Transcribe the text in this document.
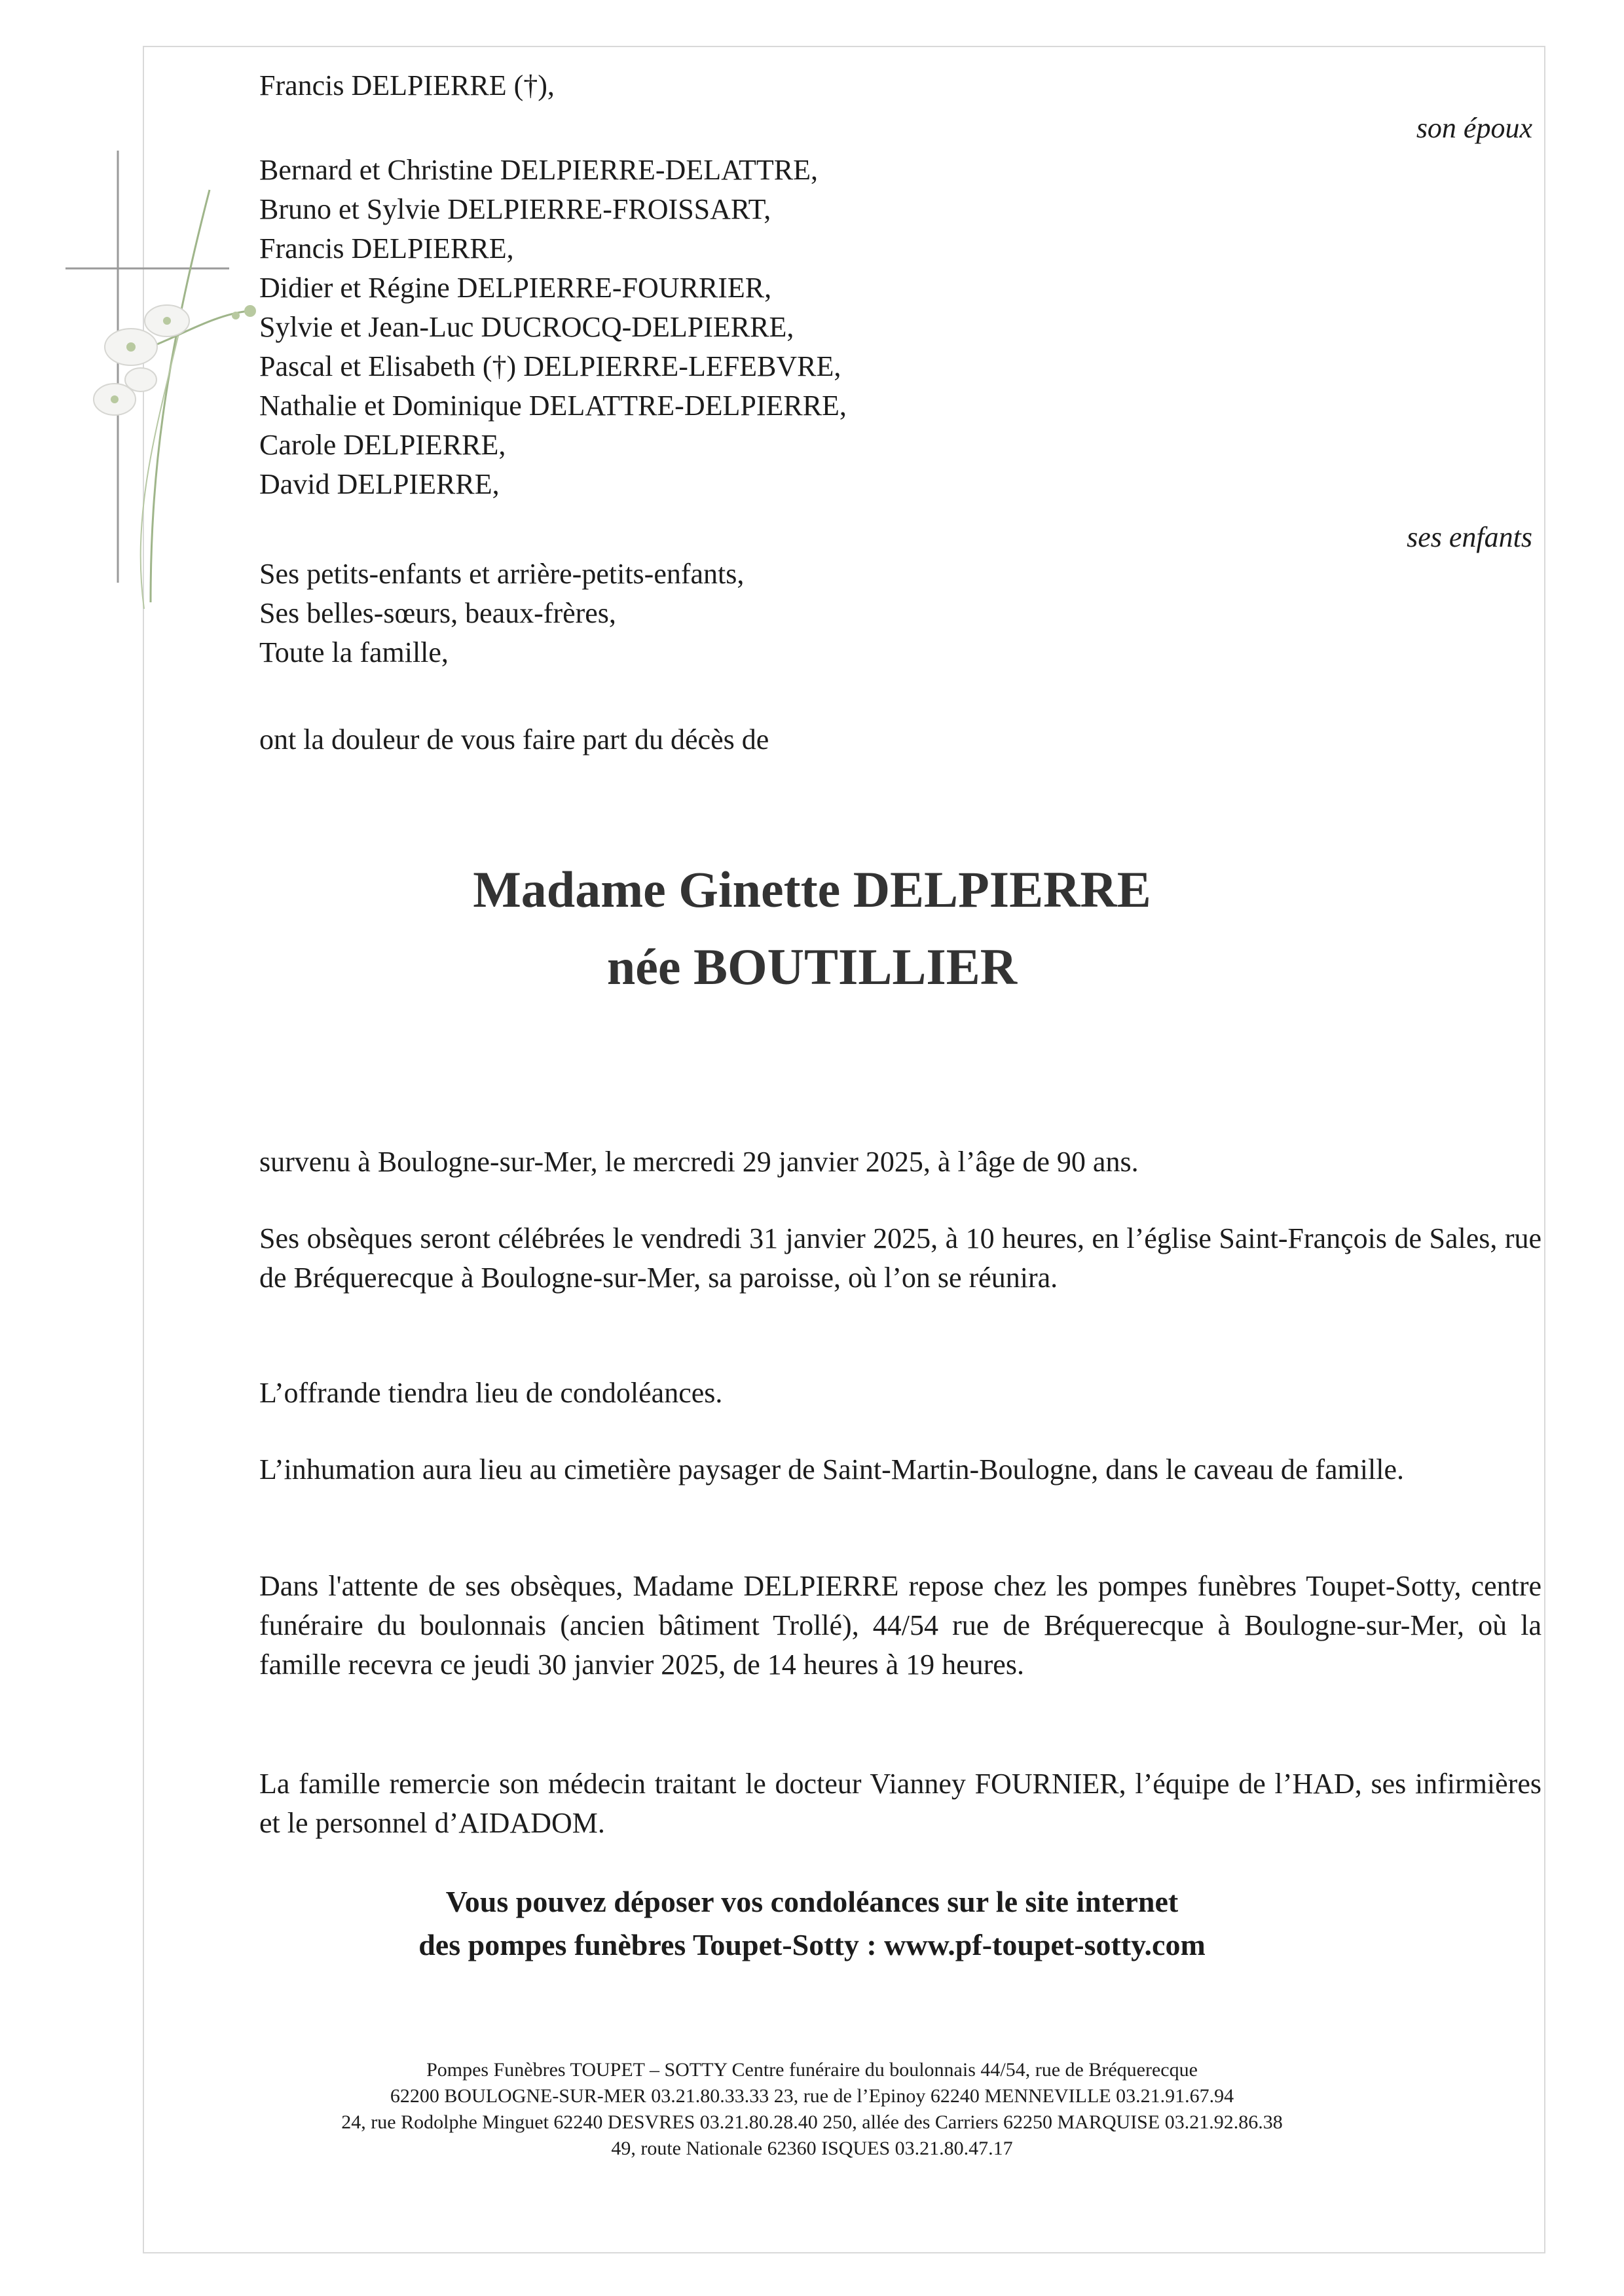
Francis DELPIERRE (†),
son époux
Bernard et Christine DELPIERRE-DELATTRE,
Bruno et Sylvie DELPIERRE-FROISSART,
Francis DELPIERRE,
Didier et Régine DELPIERRE-FOURRIER,
Sylvie et Jean-Luc DUCROCQ-DELPIERRE,
Pascal et Elisabeth (†) DELPIERRE-LEFEBVRE,
Nathalie et Dominique DELATTRE-DELPIERRE,
Carole DELPIERRE,
David DELPIERRE,
ses enfants
Ses petits-enfants et arrière-petits-enfants,
Ses belles-sœurs, beaux-frères,
Toute la famille,
ont la douleur de vous faire part du décès de
Madame Ginette DELPIERRE
née BOUTILLIER
survenu à Boulogne-sur-Mer, le mercredi 29 janvier 2025, à l’âge de 90 ans.
Ses obsèques seront célébrées le vendredi 31 janvier 2025, à 10 heures, en l’église Saint-François de Sales, rue de Bréquerecque à Boulogne-sur-Mer, sa paroisse, où l’on se réunira.
L’offrande tiendra lieu de condoléances.
L’inhumation aura lieu au cimetière paysager de Saint-Martin-Boulogne, dans le caveau de famille.
Dans l'attente de ses obsèques, Madame DELPIERRE repose chez les pompes funèbres Toupet-Sotty, centre funéraire du boulonnais (ancien bâtiment Trollé), 44/54 rue de Bréquerecque à Boulogne-sur-Mer, où la famille recevra ce jeudi 30 janvier 2025, de 14 heures à 19 heures.
La famille remercie son médecin traitant le docteur Vianney FOURNIER, l’équipe de l’HAD, ses infirmières et le personnel d’AIDADOM.
Vous pouvez déposer vos condoléances sur le site internet
des pompes funèbres Toupet-Sotty : www.pf-toupet-sotty.com
Pompes Funèbres TOUPET – SOTTY Centre funéraire du boulonnais 44/54, rue de Bréquerecque
62200 BOULOGNE-SUR-MER 03.21.80.33.33 23, rue de l’Epinoy 62240 MENNEVILLE 03.21.91.67.94
24, rue Rodolphe Minguet 62240 DESVRES 03.21.80.28.40 250, allée des Carriers 62250 MARQUISE 03.21.92.86.38
49, route Nationale 62360 ISQUES 03.21.80.47.17
